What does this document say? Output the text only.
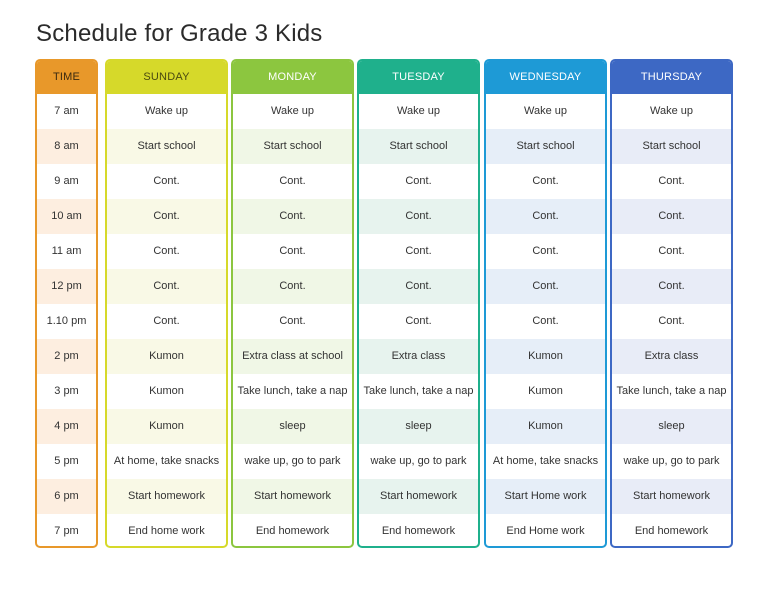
Schedule for Grade 3 Kids
TIME
7 am
8 am
9 am
10 am
11 am
12 pm
1.10 pm
2 pm
3 pm
4 pm
5 pm
6 pm
7 pm
SUNDAY
Wake up
Start school
Cont.
Cont.
Cont.
Cont.
Cont.
Kumon
Kumon
Kumon
At home, take snacks
Start homework
End home work
MONDAY
Wake up
Start school
Cont.
Cont.
Cont.
Cont.
Cont.
Extra class at school
Take lunch, take a nap
sleep
wake up, go to park
Start homework
End homework
TUESDAY
Wake up
Start school
Cont.
Cont.
Cont.
Cont.
Cont.
Extra class
Take lunch, take a nap
sleep
wake up, go to park
Start homework
End homework
WEDNESDAY
Wake up
Start school
Cont.
Cont.
Cont.
Cont.
Cont.
Kumon
Kumon
Kumon
At home, take snacks
Start Home work
End Home work
THURSDAY
Wake up
Start school
Cont.
Cont.
Cont.
Cont.
Cont.
Extra class
Take lunch, take a nap
sleep
wake up, go to park
Start homework
End homework
